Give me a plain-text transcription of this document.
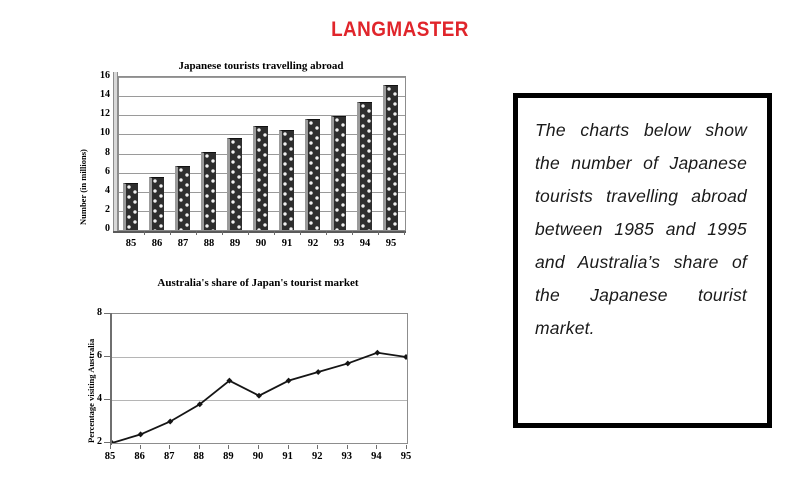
LANGMASTER
Japanese tourists travelling abroad
Number (in millions)
0
2
4
6
8
10
12
14
16
85	86	87	88	89	90	91	92	93	94	95
Australia's share of Japan's tourist market
Percentage visiting Australia 2
4
6
8
85	86	87	88	89	90	91	92	93	94	95
The charts below show the number of Japanese tourists travelling abroad between 1985 and 1995 and Australia’s share of the Japanese tourist market.
